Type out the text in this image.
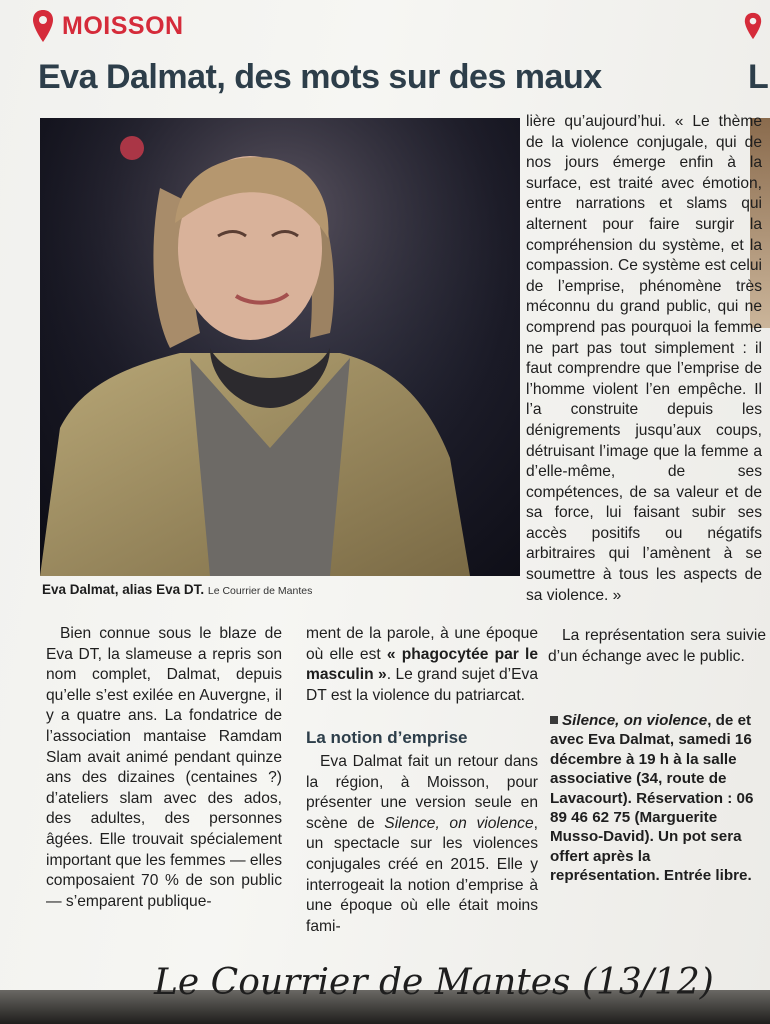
MOISSON
Eva Dalmat, des mots sur des maux	L
Eva Dalmat, alias Eva DT. Le Courrier de Mantes

Bien connue sous le blaze de Eva DT, la slameuse a repris son nom complet, Dalmat, depuis qu’elle s’est exilée en Auvergne, il y a quatre ans. La fondatrice de l’association mantaise Ramdam Slam avait animé pendant quinze ans des dizaines (centaines ?) d’ateliers slam avec des ados, des adultes, des personnes âgées. Elle trouvait spécialement important que les femmes — elles composaient 70 % de son public — s’emparent publique-

ment de la parole, à une époque où elle est « phagocytée par le masculin ». Le grand sujet d’Eva DT est la violence du patriarcat.

La notion d’emprise

Eva Dalmat fait un retour dans la région, à Moisson, pour présenter une version seule en scène de Silence, on violence, un spectacle sur les violences conjugales créé en 2015. Elle y interrogeait la notion d’emprise à une époque où elle était moins fami-

lière qu’aujourd’hui. « Le thème de la violence conjugale, qui de nos jours émerge enfin à la surface, est traité avec émotion, entre narrations et slams qui alternent pour faire surgir la compréhension du système, et la compassion. Ce système est celui de l’emprise, phénomène très méconnu du grand public, qui ne comprend pas pourquoi la femme ne part pas tout simplement : il faut comprendre que l’emprise de l’homme violent l’en empêche. Il l’a construite depuis les dénigrements jusqu’aux coups, détruisant l’image que la femme a d’elle-même, de ses compétences, de sa valeur et de sa force, lui faisant subir ses accès positifs ou négatifs arbitraires qui l’amènent à se soumettre à tous les aspects de sa violence. »

La représentation sera suivie d’un échange avec le public.

Silence, on violence, de et avec Eva Dalmat, samedi 16 décembre à 19 h à la salle associative (34, route de Lavacourt). Réservation : 06 89 46 62 75 (Marguerite Musso-David). Un pot sera offert après la représentation. Entrée libre.
Le Courrier de Mantes (13/12)
